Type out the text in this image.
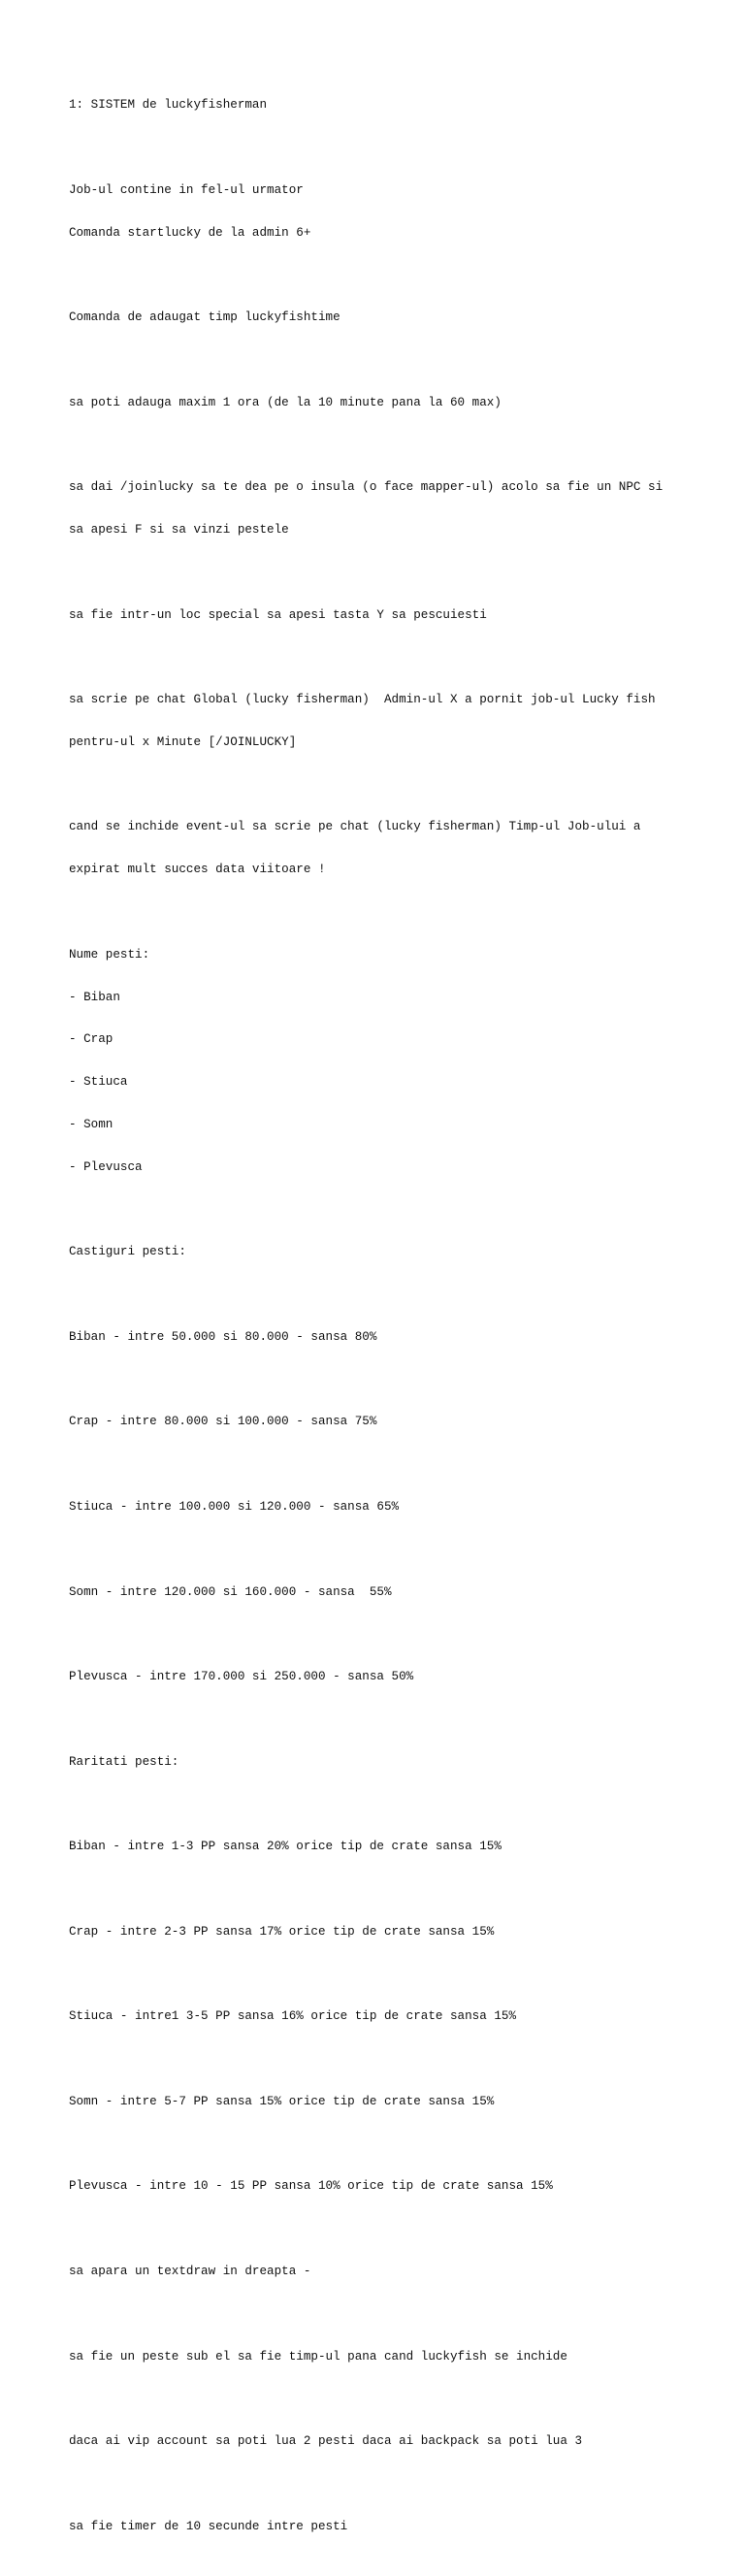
1: SISTEM de luckyfisherman

Job-ul contine in fel-ul urmator

Comanda startlucky de la admin 6+

Comanda de adaugat timp luckyfishtime

sa poti adauga maxim 1 ora (de la 10 minute pana la 60 max)

sa dai /joinlucky sa te dea pe o insula (o face mapper-ul) acolo sa fie un NPC si

sa apesi F si sa vinzi pestele

sa fie intr-un loc special sa apesi tasta Y sa pescuiesti

sa scrie pe chat Global (lucky fisherman)  Admin-ul X a pornit job-ul Lucky fish

pentru-ul x Minute [/JOINLUCKY]

cand se inchide event-ul sa scrie pe chat (lucky fisherman) Timp-ul Job-ului a

expirat mult succes data viitoare !

Nume pesti:

- Biban

- Crap

- Stiuca

- Somn

- Plevusca

Castiguri pesti:

Biban - intre 50.000 si 80.000 - sansa 80%

Crap - intre 80.000 si 100.000 - sansa 75%

Stiuca - intre 100.000 si 120.000 - sansa 65%

Somn - intre 120.000 si 160.000 - sansa  55%

Plevusca - intre 170.000 si 250.000 - sansa 50%

Raritati pesti:

Biban - intre 1-3 PP sansa 20% orice tip de crate sansa 15%

Crap - intre 2-3 PP sansa 17% orice tip de crate sansa 15%

Stiuca - intre1 3-5 PP sansa 16% orice tip de crate sansa 15%

Somn - intre 5-7 PP sansa 15% orice tip de crate sansa 15%

Plevusca - intre 10 - 15 PP sansa 10% orice tip de crate sansa 15%

sa apara un textdraw in dreapta -

sa fie un peste sub el sa fie timp-ul pana cand luckyfish se inchide

daca ai vip account sa poti lua 2 pesti daca ai backpack sa poti lua 3

sa fie timer de 10 secunde intre pesti
